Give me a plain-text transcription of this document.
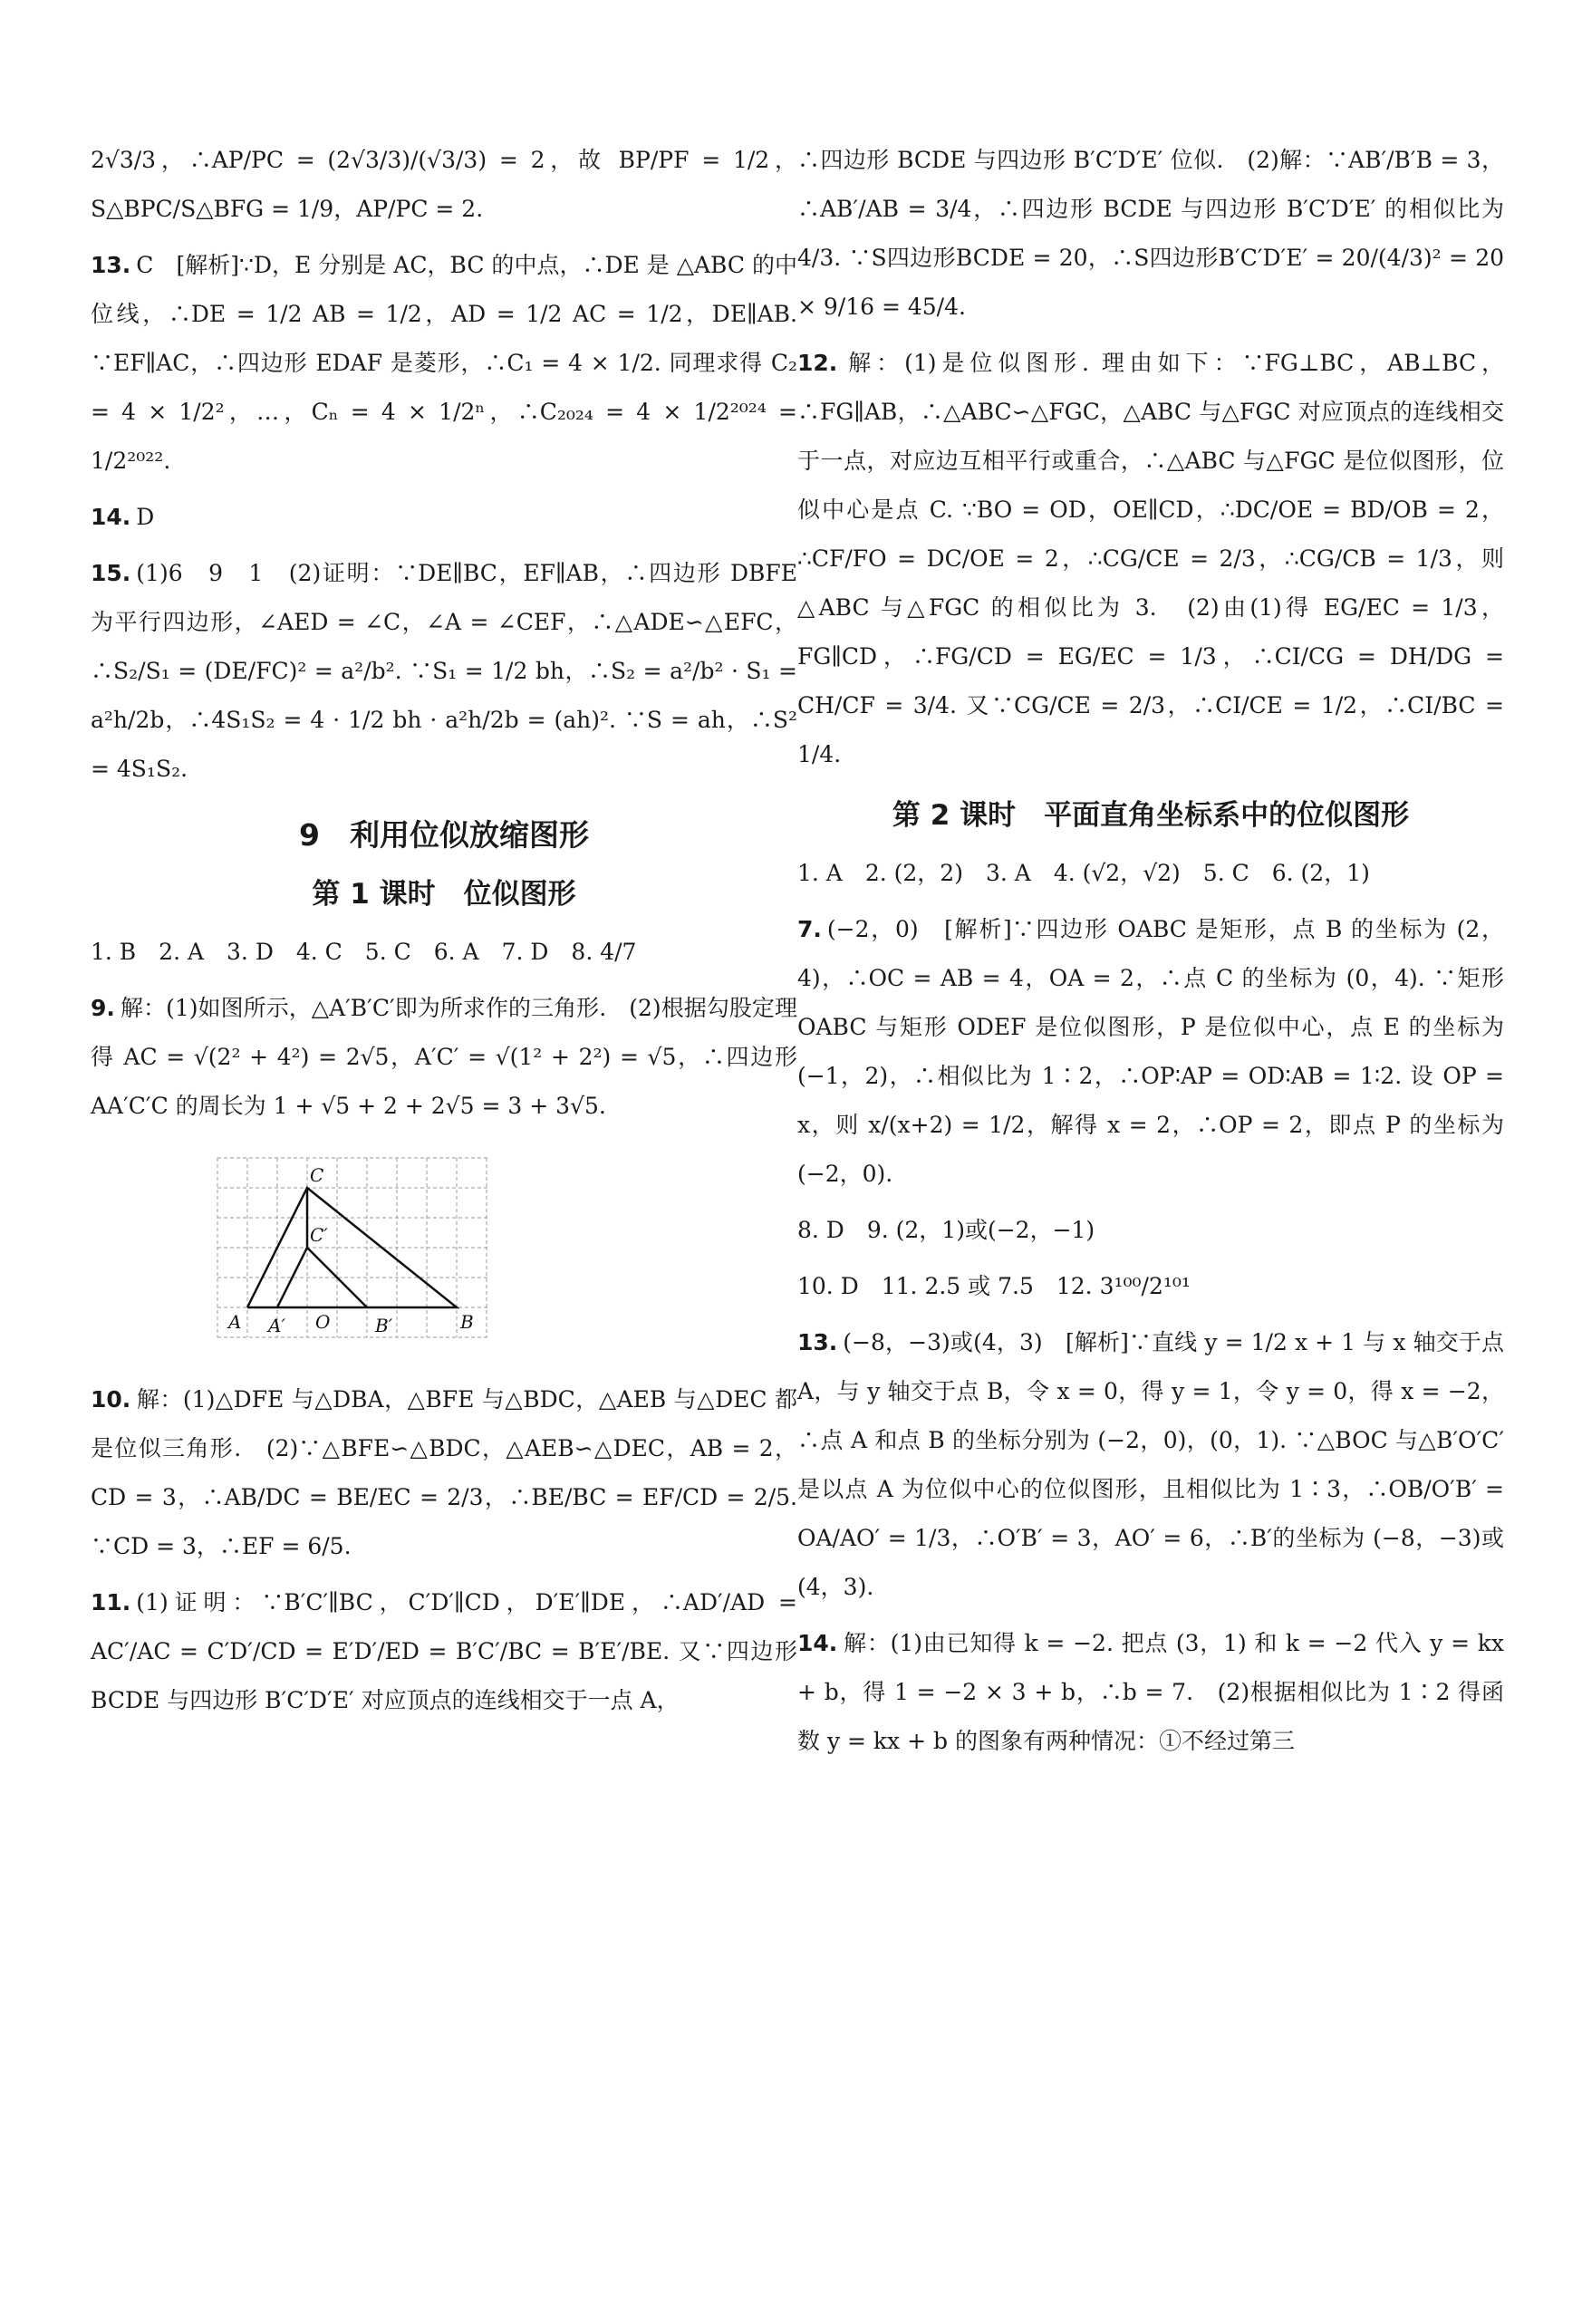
2√3/3，∴AP/PC = (2√3/3)/(√3/3) = 2，故 BP/PF = 1/2，S△BPC/S△BFG = 1/9，AP/PC = 2.
13. C　[解析]∵D，E 分别是 AC，BC 的中点，∴DE 是 △ABC 的中位线，∴DE = 1/2 AB = 1/2，AD = 1/2 AC = 1/2，DE∥AB. ∵EF∥AC，∴四边形 EDAF 是菱形，∴C₁ = 4 × 1/2. 同理求得 C₂ = 4 × 1/2²，…，Cₙ = 4 × 1/2ⁿ，∴C₂₀₂₄ = 4 × 1/2²⁰²⁴ = 1/2²⁰²².
14. D
15. (1)6　9　1　(2)证明：∵DE∥BC，EF∥AB，∴四边形 DBFE 为平行四边形，∠AED = ∠C，∠A = ∠CEF，∴△ADE∽△EFC，∴S₂/S₁ = (DE/FC)² = a²/b². ∵S₁ = 1/2 bh，∴S₂ = a²/b² · S₁ = a²h/2b，∴4S₁S₂ = 4 · 1/2 bh · a²h/2b = (ah)². ∵S = ah，∴S² = 4S₁S₂.
9　利用位似放缩图形
第 1 课时　位似图形
1. B　2. A　3. D　4. C　5. C　6. A　7. D　8. 4/7
9. 解：(1)如图所示，△A′B′C′即为所求作的三角形.　(2)根据勾股定理得 AC = √(2² + 4²) = 2√5，A′C′ = √(1² + 2²) = √5，∴四边形 AA′C′C 的周长为 1 + √5 + 2 + 2√5 = 3 + 3√5.
C
C′
A A′ O B′	B
10. 解：(1)△DFE 与△DBA，△BFE 与△BDC，△AEB 与△DEC 都是位似三角形.　(2)∵△BFE∽△BDC，△AEB∽△DEC，AB = 2，CD = 3，∴AB/DC = BE/EC = 2/3，∴BE/BC = EF/CD = 2/5. ∵CD = 3，∴EF = 6/5.
11. (1)证明：∵B′C′∥BC，C′D′∥CD，D′E′∥DE，∴AD′/AD = AC′/AC = C′D′/CD = E′D′/ED = B′C′/BC = B′E′/BE. 又∵四边形 BCDE 与四边形 B′C′D′E′ 对应顶点的连线相交于一点 A，
∴四边形 BCDE 与四边形 B′C′D′E′ 位似.　(2)解：∵AB′/B′B = 3，∴AB′/AB = 3/4，∴四边形 BCDE 与四边形 B′C′D′E′ 的相似比为 4/3. ∵S四边形BCDE = 20，∴S四边形B′C′D′E′ = 20/(4/3)² = 20 × 9/16 = 45/4.
12. 解：(1)是位似图形. 理由如下：∵FG⊥BC，AB⊥BC，∴FG∥AB，∴△ABC∽△FGC，△ABC 与△FGC 对应顶点的连线相交于一点，对应边互相平行或重合，∴△ABC 与△FGC 是位似图形，位似中心是点 C. ∵BO = OD，OE∥CD，∴DC/OE = BD/OB = 2，∴CF/FO = DC/OE = 2，∴CG/CE = 2/3，∴CG/CB = 1/3，则△ABC 与△FGC 的相似比为 3.　(2)由(1)得 EG/EC = 1/3，FG∥CD，∴FG/CD = EG/EC = 1/3，∴CI/CG = DH/DG = CH/CF = 3/4. 又∵CG/CE = 2/3，∴CI/CE = 1/2，∴CI/BC = 1/4.
第 2 课时　平面直角坐标系中的位似图形
1. A　2. (2，2)　3. A　4. (√2，√2)　5. C　6. (2，1)
7. (−2，0)　[解析]∵四边形 OABC 是矩形，点 B 的坐标为 (2，4)，∴OC = AB = 4，OA = 2，∴点 C 的坐标为 (0，4). ∵矩形 OABC 与矩形 ODEF 是位似图形，P 是位似中心，点 E 的坐标为 (−1，2)，∴相似比为 1∶2，∴OP∶AP = OD∶AB = 1∶2. 设 OP = x，则 x/(x+2) = 1/2，解得 x = 2，∴OP = 2，即点 P 的坐标为 (−2，0).
8. D　9. (2，1)或(−2，−1)
10. D　11. 2.5 或 7.5　12. 3¹⁰⁰/2¹⁰¹
13. (−8，−3)或(4，3)　[解析]∵直线 y = 1/2 x + 1 与 x 轴交于点 A，与 y 轴交于点 B，令 x = 0，得 y = 1，令 y = 0，得 x = −2，∴点 A 和点 B 的坐标分别为 (−2，0)，(0，1). ∵△BOC 与△B′O′C′ 是以点 A 为位似中心的位似图形，且相似比为 1∶3，∴OB/O′B′ = OA/AO′ = 1/3，∴O′B′ = 3，AO′ = 6，∴B′的坐标为 (−8，−3)或(4，3).
14. 解：(1)由已知得 k = −2. 把点 (3，1) 和 k = −2 代入 y = kx + b，得 1 = −2 × 3 + b，∴b = 7.　(2)根据相似比为 1∶2 得函数 y = kx + b 的图象有两种情况：①不经过第三
